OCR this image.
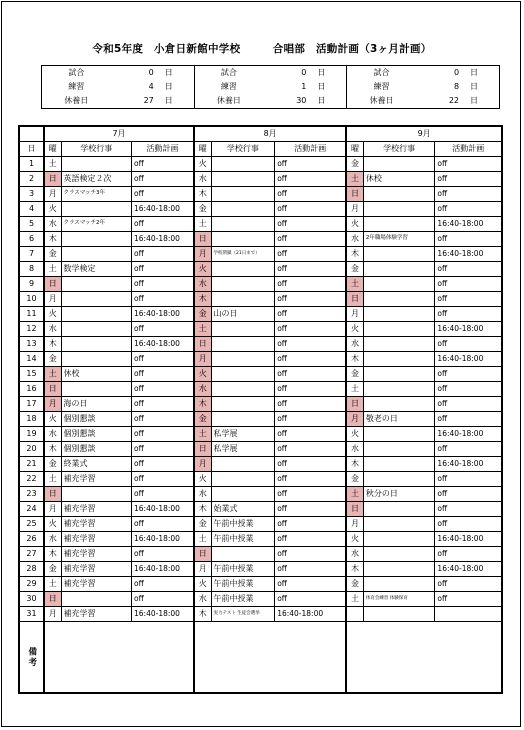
令和5年度　小倉日新館中学校　　　合唱部　活動計画（3ヶ月計画）
試合	0	日	試合	0	日	試合	0	日
練習	4	日	練習	1	日	練習	8	日
休養日	27	日	休養日	30	日	休養日	22	日
	7月			8月			9月		
日	曜	学校行事	活動計画	曜	学校行事	活動計画	曜	学校行事	活動計画
1	土		off	火		off	金		off
2	日	英語検定２次	off	水		off	土	休校	off
3	月	クラスマッチ3年	off	木		off	日		off
4	火		16:40-18:00	金		off	月		off
5	水	クラスマッチ2年	off	土		off	火		16:40-18:00
6	木		16:40-18:00	日		off	水	2年職場体験学習	off
7	金		off	月	学校閉鎖（21日まで）	off	木		16:40-18:00
8	土	数学検定	off	火		off	金		off
9	日		off	水		off	土		off
10	月		off	木		off	日		off
11	火		16:40-18:00	金	山の日	off	月		off
12	水		off	土		off	火		16:40-18:00
13	木		16:40-18:00	日		off	水		off
14	金		off	月		off	木		16:40-18:00
15	土	休校	off	火		off	金		off
16	日		off	水		off	土		off
17	月	海の日	off	木		off	日		off
18	火	個別懇談	off	金		off	月	敬老の日	off
19	水	個別懇談	off	土	私学展	off	火		16:40-18:00
20	木	個別懇談	off	日	私学展	off	水		off
21	金	終業式	off	月		off	木		16:40-18:00
22	土	補充学習	off	火		off	金		off
23	日		off	水		off	土	秋分の日	off
24	月	補充学習	16:40-18:00	木	始業式	off	日		off
25	火	補充学習	off	金	午前中授業	off	月		off
26	水	補充学習	16:40-18:00	土	午前中授業	off	火		16:40-18:00
27	木	補充学習	off	日		off	水		off
28	金	補充学習	16:40-18:00	月	午前中授業	off	木		16:40-18:00
29	土	補充学習	off	火	午前中授業	off	金		off
30	日		off	水	午前中授業	off	土	体育会練習 体験保育	off
31	月	補充学習	16:40-18:00	木	実力テスト 生徒会選挙	16:40-18:00			

備考									
